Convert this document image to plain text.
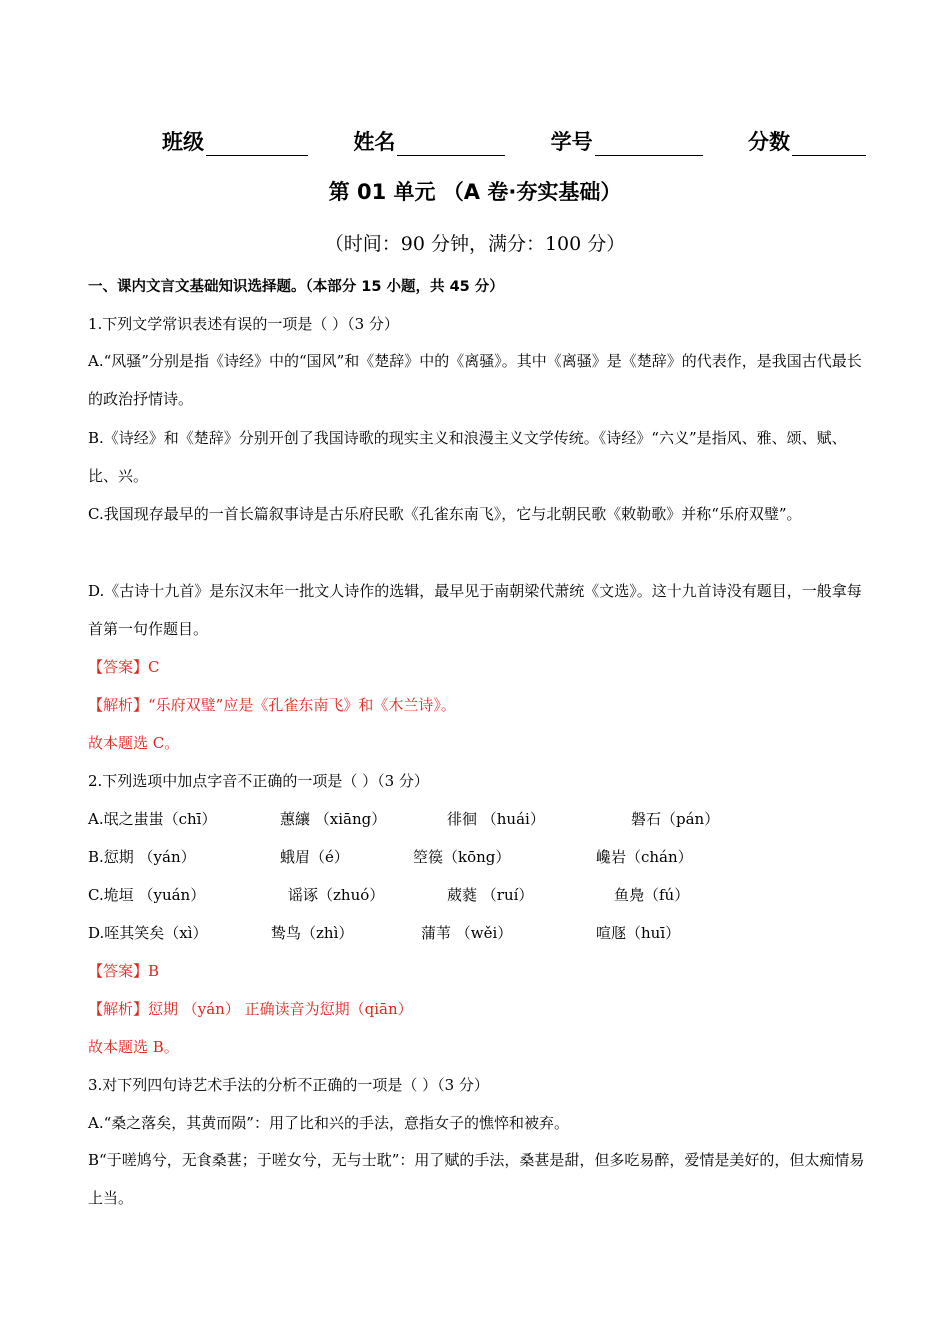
班级	姓名	学号	分数
第 01 单元 （A 卷·夯实基础）
（时间：90 分钟，满分：100 分）
一、课内文言文基础知识选择题。（本部分 15 小题，共 45 分）
1.下列文学常识表述有误的一项是（ ）（3 分）
A.“风骚”分别是指《诗经》中的“国风”和《楚辞》中的《离骚》。其中《离骚》是《楚辞》的代表作，是我国古代最长的政治抒情诗。
B.《诗经》和《楚辞》分别开创了我国诗歌的现实主义和浪漫主义文学传统。《诗经》“六义”是指风、雅、颂、赋、比、兴。
C.我国现存最早的一首长篇叙事诗是古乐府民歌《孔雀东南飞》，它与北朝民歌《敕勒歌》并称“乐府双璧”。
D.《古诗十九首》是东汉末年一批文人诗作的选辑，最早见于南朝梁代萧统《文选》。这十九首诗没有题目，一般拿每首第一句作题目。
【答案】C
【解析】“乐府双璧”应是《孔雀东南飞》和《木兰诗》。
故本题选 C。
2.下列选项中加点字音不正确的一项是（ ）（3 分）
A.氓之蚩蚩（chī）	蕙纕 （xiāng）	徘徊 （huái）	磐石（pán）
B.愆期 （yán）	蛾眉（é）	箜篌（kōng）	巉岩（chán）
C.垝垣 （yuán）	谣诼（zhuó）	葳蕤 （ruí）	鱼鳧（fú）
D.咥其笑矣（xì）	鸷鸟（zhì）	蒲苇 （wěi）	喧豗（huī）
【答案】B
【解析】愆期 （yán） 正确读音为愆期（qiān）
故本题选 B。
3.对下列四句诗艺术手法的分析不正确的一项是（ ）（3 分）
A.“桑之落矣，其黄而陨”：用了比和兴的手法，意指女子的憔悴和被弃。
B“于嗟鸠兮，无食桑葚；于嗟女兮，无与士耽”：用了赋的手法，桑葚是甜，但多吃易醉，爱情是美好的，但太痴情易上当。
